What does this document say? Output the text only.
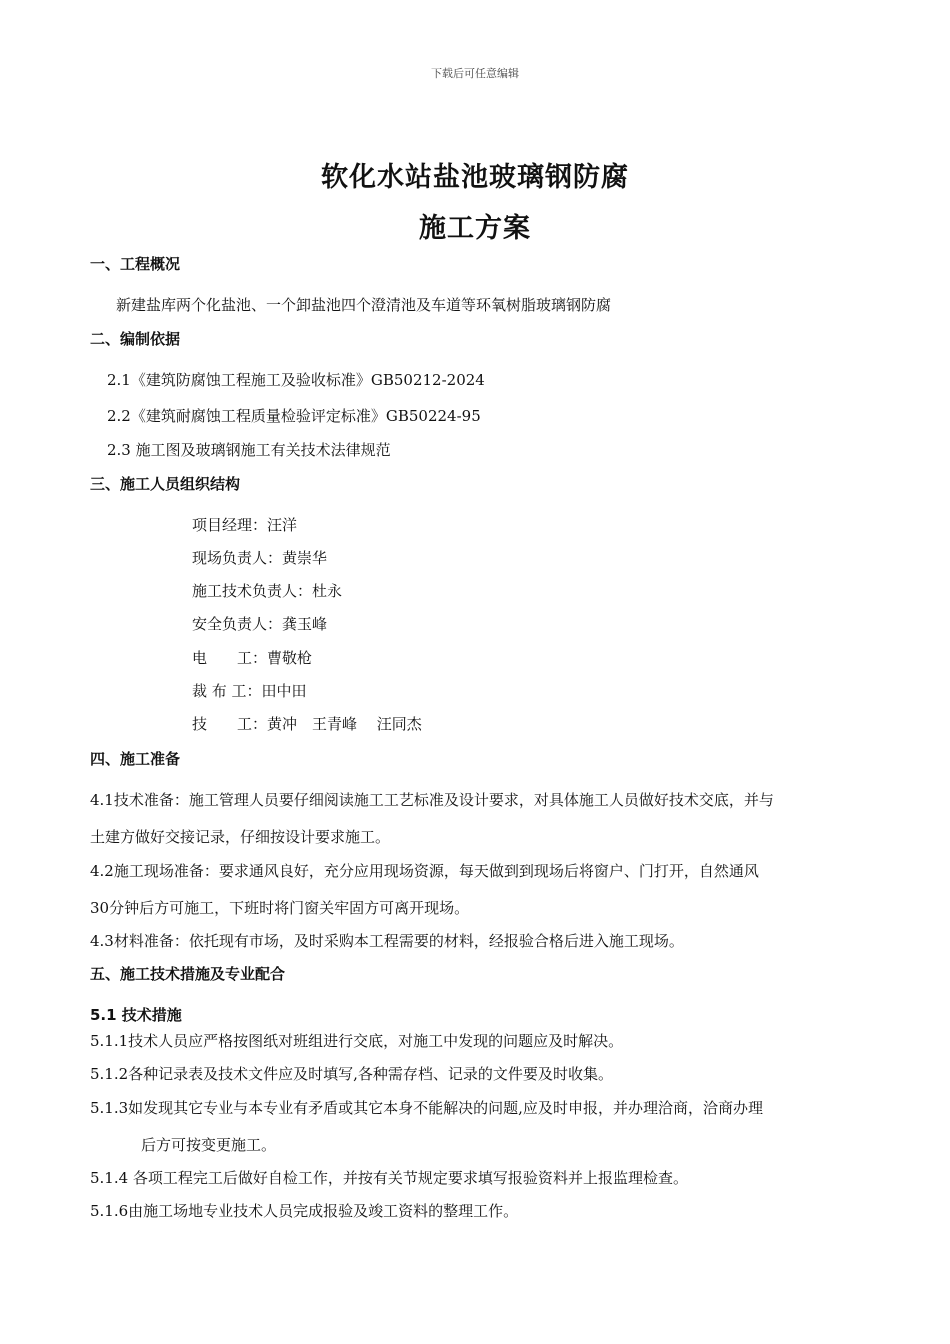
下载后可任意编辑
软化水站盐池玻璃钢防腐
施工方案
一、工程概况
新建盐库两个化盐池、一个卸盐池四个澄清池及车道等环氧树脂玻璃钢防腐
二、编制依据
2.1《建筑防腐蚀工程施工及验收标准》GB50212-2024
2.2《建筑耐腐蚀工程质量检验评定标准》GB50224-95
2.3 施工图及玻璃钢施工有关技术法律规范
三、施工人员组织结构
项目经理：汪洋
现场负责人：黄崇华
施工技术负责人：杜永
安全负责人：龚玉峰
电　　工：曹敬枪
裁 布 工：田中田
技　　工：黄冲　王青峰　 汪同杰
四、施工准备
4.1技术准备：施工管理人员要仔细阅读施工工艺标准及设计要求，对具体施工人员做好技术交底，并与
土建方做好交接记录，仔细按设计要求施工。
4.2施工现场准备：要求通风良好，充分应用现场资源，每天做到到现场后将窗户、门打开，自然通风
30分钟后方可施工，下班时将门窗关牢固方可离开现场。
4.3材料准备：依托现有市场，及时采购本工程需要的材料，经报验合格后进入施工现场。
五、施工技术措施及专业配合
5.1 技术措施
5.1.1技术人员应严格按图纸对班组进行交底，对施工中发现的问题应及时解决。
5.1.2各种记录表及技术文件应及时填写,各种需存档、记录的文件要及时收集。
5.1.3如发现其它专业与本专业有矛盾或其它本身不能解决的问题,应及时申报，并办理洽商，洽商办理
后方可按变更施工。
5.1.4 各项工程完工后做好自检工作，并按有关节规定要求填写报验资料并上报监理检查。
5.1.6由施工场地专业技术人员完成报验及竣工资料的整理工作。
